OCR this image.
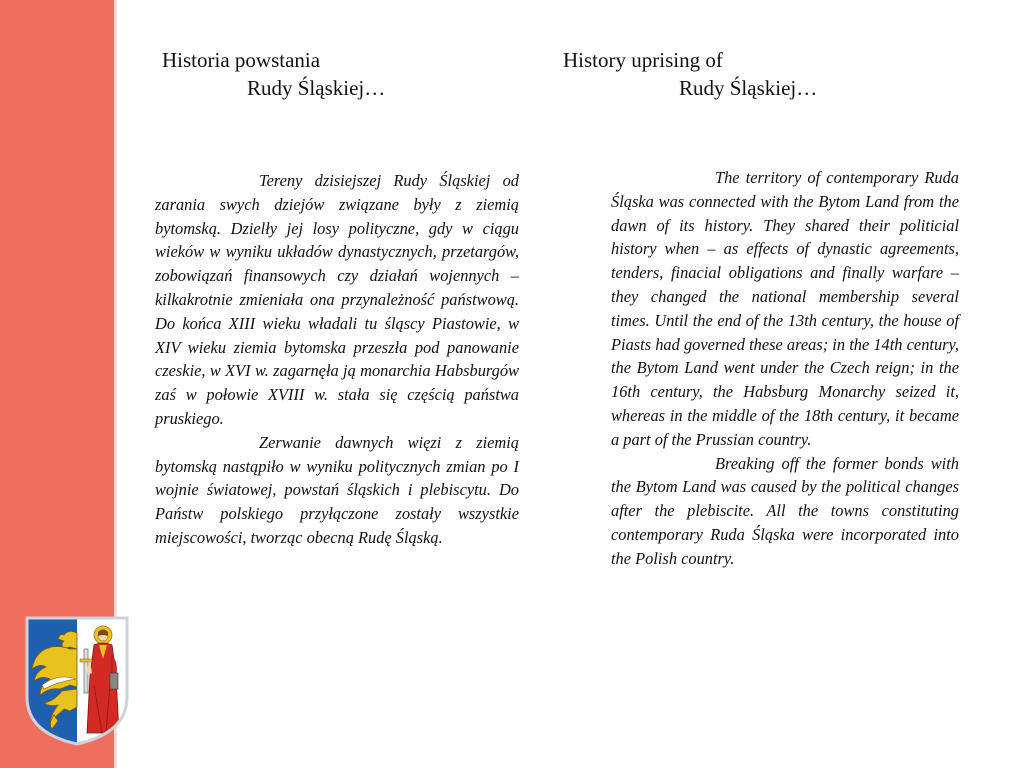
Historia powstania
Rudy Śląskiej…
History uprising of
Rudy Śląskiej…

Tereny dzisiejszej Rudy Śląskiej od zarania swych dziejów związane były z ziemią bytomską. Dzielły jej losy polityczne, gdy w ciągu wieków w wyniku układów dynastycznych, przetargów, zobowiązań finansowych czy działań wojennych – kilkakrotnie zmieniała ona przynależność państwową. Do końca XIII wieku władali tu śląscy Piastowie, w XIV wieku ziemia bytomska przeszła pod panowanie czeskie, w XVI w. zagarnęła ją monarchia Habsburgów zaś w połowie XVIII w. stała się częścią państwa pruskiego.

Zerwanie dawnych więzi z ziemią bytomską nastąpiło w wyniku politycznych zmian po I wojnie światowej, powstań śląskich i plebiscytu. Do Państw polskiego przyłączone zostały wszystkie miejscowości, tworząc obecną Rudę Śląską.

The territory of contemporary Ruda Śląska was connected with the Bytom Land from the dawn of its history. They shared their politicial history when – as effects of dynastic agreements, tenders, finacial obligations and finally warfare – they changed the national membership several times. Until the end of the 13th century, the house of Piasts had governed these areas; in the 14th century, the Bytom Land went under the Czech reign; in the 16th century, the Habsburg Monarchy seized it, whereas in the middle of the 18th century, it became a part of the Prussian country.

Breaking off the former bonds with the Bytom Land was caused by the political changes after the plebiscite. All the towns constituting contemporary Ruda Śląska were incorporated into the Polish country.
